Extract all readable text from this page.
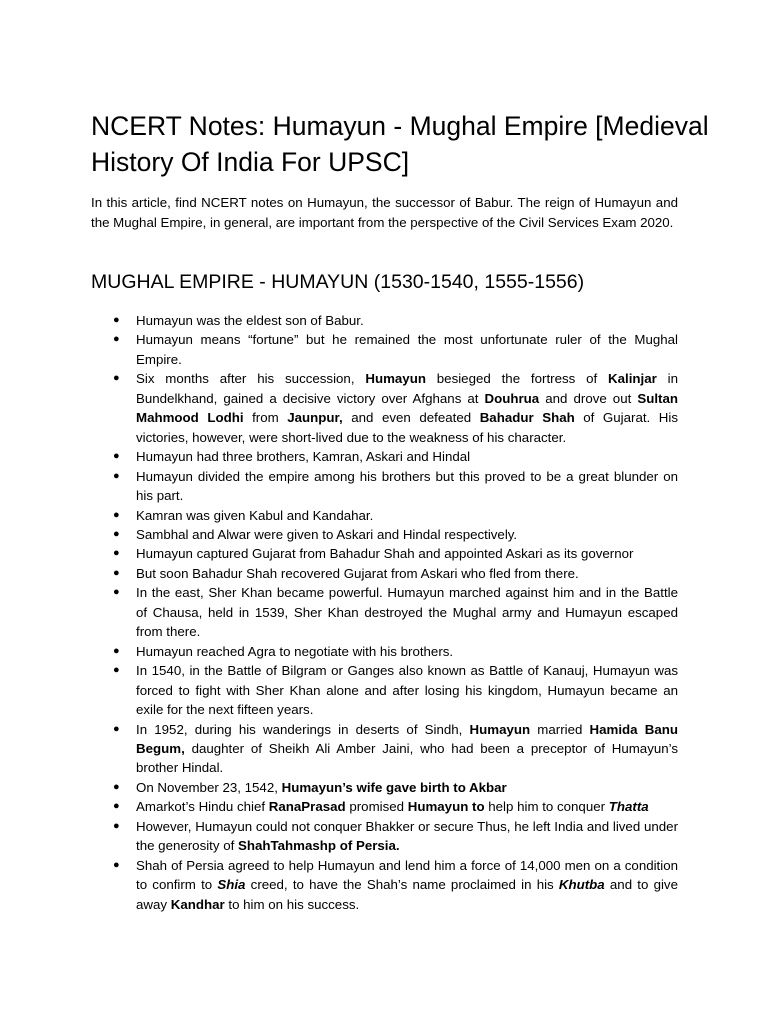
NCERT Notes: Humayun - Mughal Empire [Medieval History Of India For UPSC]

In this article, find NCERT notes on Humayun, the successor of Babur. The reign of Humayun and the Mughal Empire, in general, are important from the perspective of the Civil Services Exam 2020.

MUGHAL EMPIRE - HUMAYUN (1530-1540, 1555-1556)
● Humayun was the eldest son of Babur.
● Humayun means “fortune” but he remained the most unfortunate ruler of the Mughal Empire.
● Six months after his succession, Humayun besieged the fortress of Kalinjar in Bundelkhand, gained a decisive victory over Afghans at Douhrua and drove out Sultan Mahmood Lodhi from Jaunpur, and even defeated Bahadur Shah of Gujarat. His victories, however, were short-lived due to the weakness of his character.
● Humayun had three brothers, Kamran, Askari and Hindal
● Humayun divided the empire among his brothers but this proved to be a great blunder on his part.
● Kamran was given Kabul and Kandahar.
● Sambhal and Alwar were given to Askari and Hindal respectively.
● Humayun captured Gujarat from Bahadur Shah and appointed Askari as its governor
● But soon Bahadur Shah recovered Gujarat from Askari who fled from there.
● In the east, Sher Khan became powerful. Humayun marched against him and in the Battle of Chausa, held in 1539, Sher Khan destroyed the Mughal army and Humayun escaped from there.
● Humayun reached Agra to negotiate with his brothers.
● In 1540, in the Battle of Bilgram or Ganges also known as Battle of Kanauj, Humayun was forced to fight with Sher Khan alone and after losing his kingdom, Humayun became an exile for the next fifteen years.
● In 1952, during his wanderings in deserts of Sindh, Humayun married Hamida Banu Begum, daughter of Sheikh Ali Amber Jaini, who had been a preceptor of Humayun’s brother Hindal.
● On November 23, 1542, Humayun’s wife gave birth to Akbar
● Amarkot’s Hindu chief RanaPrasad promised Humayun to help him to conquer Thatta
● However, Humayun could not conquer Bhakker or secure Thus, he left India and lived under the generosity of ShahTahmashp of Persia.
● Shah of Persia agreed to help Humayun and lend him a force of 14,000 men on a condition to confirm to Shia creed, to have the Shah’s name proclaimed in his Khutba and to give away Kandhar to him on his success.
